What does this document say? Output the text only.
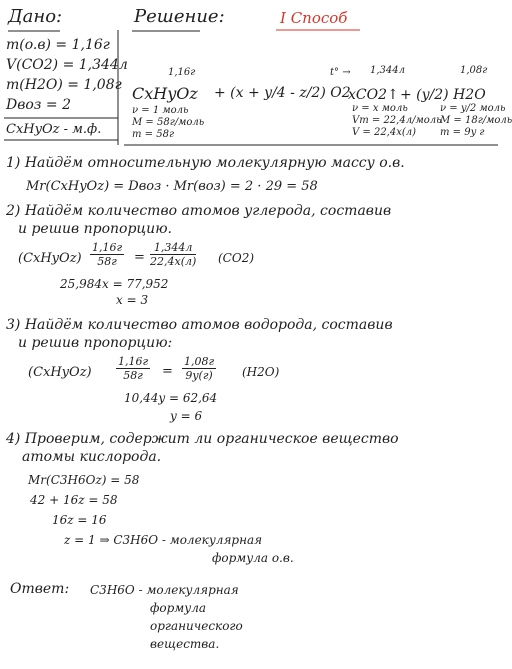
Дано:	Решение:	I Способ
m(o.в) = 1,16г
V(CO2) = 1,344л
m(H2O) = 1,08г
Dвоз = 2
CxHyOz - м.ф.
1,16г
CxHyOz + (x + y/4 - z/2) O2
t° → 1,344л
xCO2↑ + (y/2) H2O
1,08г
ν = 1 моль
M = 58г/моль
m = 58г
ν = x моль
Vm = 22,4л/моль
V = 22,4x(л)
ν = y/2 моль
M = 18г/моль
m = 9y г
1) Найдём относительную молекулярную массу о.в.
Mr(CxHyOz) = Dвоз · Mr(воз) = 2 · 29 = 58
2) Найдём количество атомов углерода, составив
и решив пропорцию.
(CxHyOz)
1,16г
58г	=
1,344л
22,4x(л) (CO2)
25,984x = 77,952
x = 3
3) Найдём количество атомов водорода, составив
и решив пропорцию:
(CxHyOz)
1,16г
58г	=
1,08г
9y(г) (H2O)
10,44y = 62,64
y = 6
4) Проверим, содержит ли органическое вещество
атомы кислорода.
Mr(C3H6Oz) = 58
42 + 16z = 58
16z = 16
z = 1 ⇒ C3H6O - молекулярная
формула о.в.
Ответ: C3H6O - молекулярная
формула
органического
вещества.
